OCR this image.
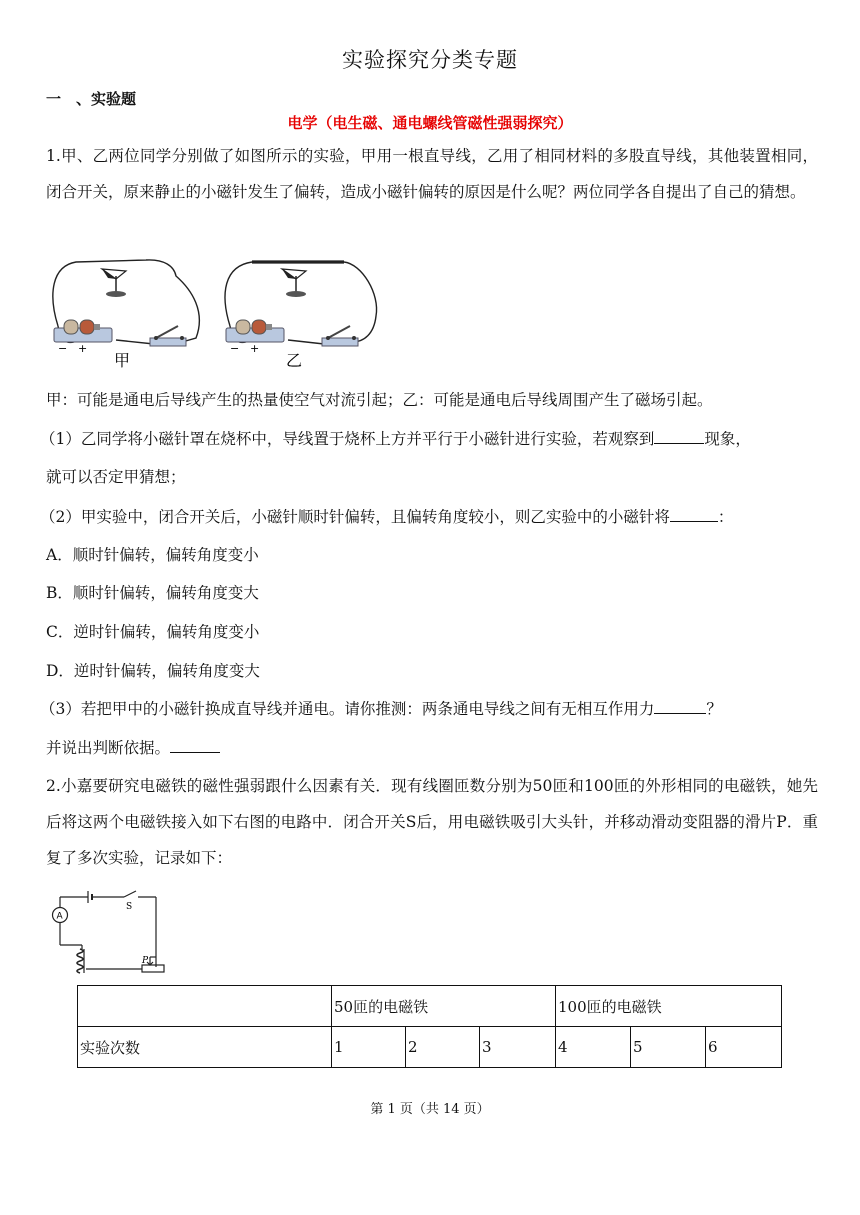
实验探究分类专题
一　、实验题
电学（电生磁、通电螺线管磁性强弱探究）
1.甲、乙两位同学分别做了如图所示的实验，甲用一根直导线，乙用了相同材料的多股直导线，其他装置相同，闭合开关，原来静止的小磁针发生了偏转，造成小磁针偏转的原因是什么呢？两位同学各自提出了自己的猜想。
− +
甲
− +
乙
甲：可能是通电后导线产生的热量使空气对流引起；乙：可能是通电后导线周围产生了磁场引起。
（1）乙同学将小磁针罩在烧杯中，导线置于烧杯上方并平行于小磁针进行实验，若观察到	现象，
就可以否定甲猜想；
（2）甲实验中，闭合开关后，小磁针顺时针偏转，且偏转角度较小，则乙实验中的小磁针将	：
A．顺时针偏转，偏转角度变小
B．顺时针偏转，偏转角度变大
C．逆时针偏转，偏转角度变小
D．逆时针偏转，偏转角度变大
（3）若把甲中的小磁针换成直导线并通电。请你推测：两条通电导线之间有无相互作用力	？
并说出判断依据。
2.小嘉要研究电磁铁的磁性强弱跟什么因素有关．现有线圈匝数分别为50匝和100匝的外形相同的电磁铁，她先后将这两个电磁铁接入如下右图的电路中．闭合开关S后，用电磁铁吸引大头针，并移动滑动变阻器的滑片P．重复了多次实验，记录如下：
A
S
P
	50匝的电磁铁			100匝的电磁铁		
实验次数	1	2	3	4	5	6
第 1 页（共 14 页）
